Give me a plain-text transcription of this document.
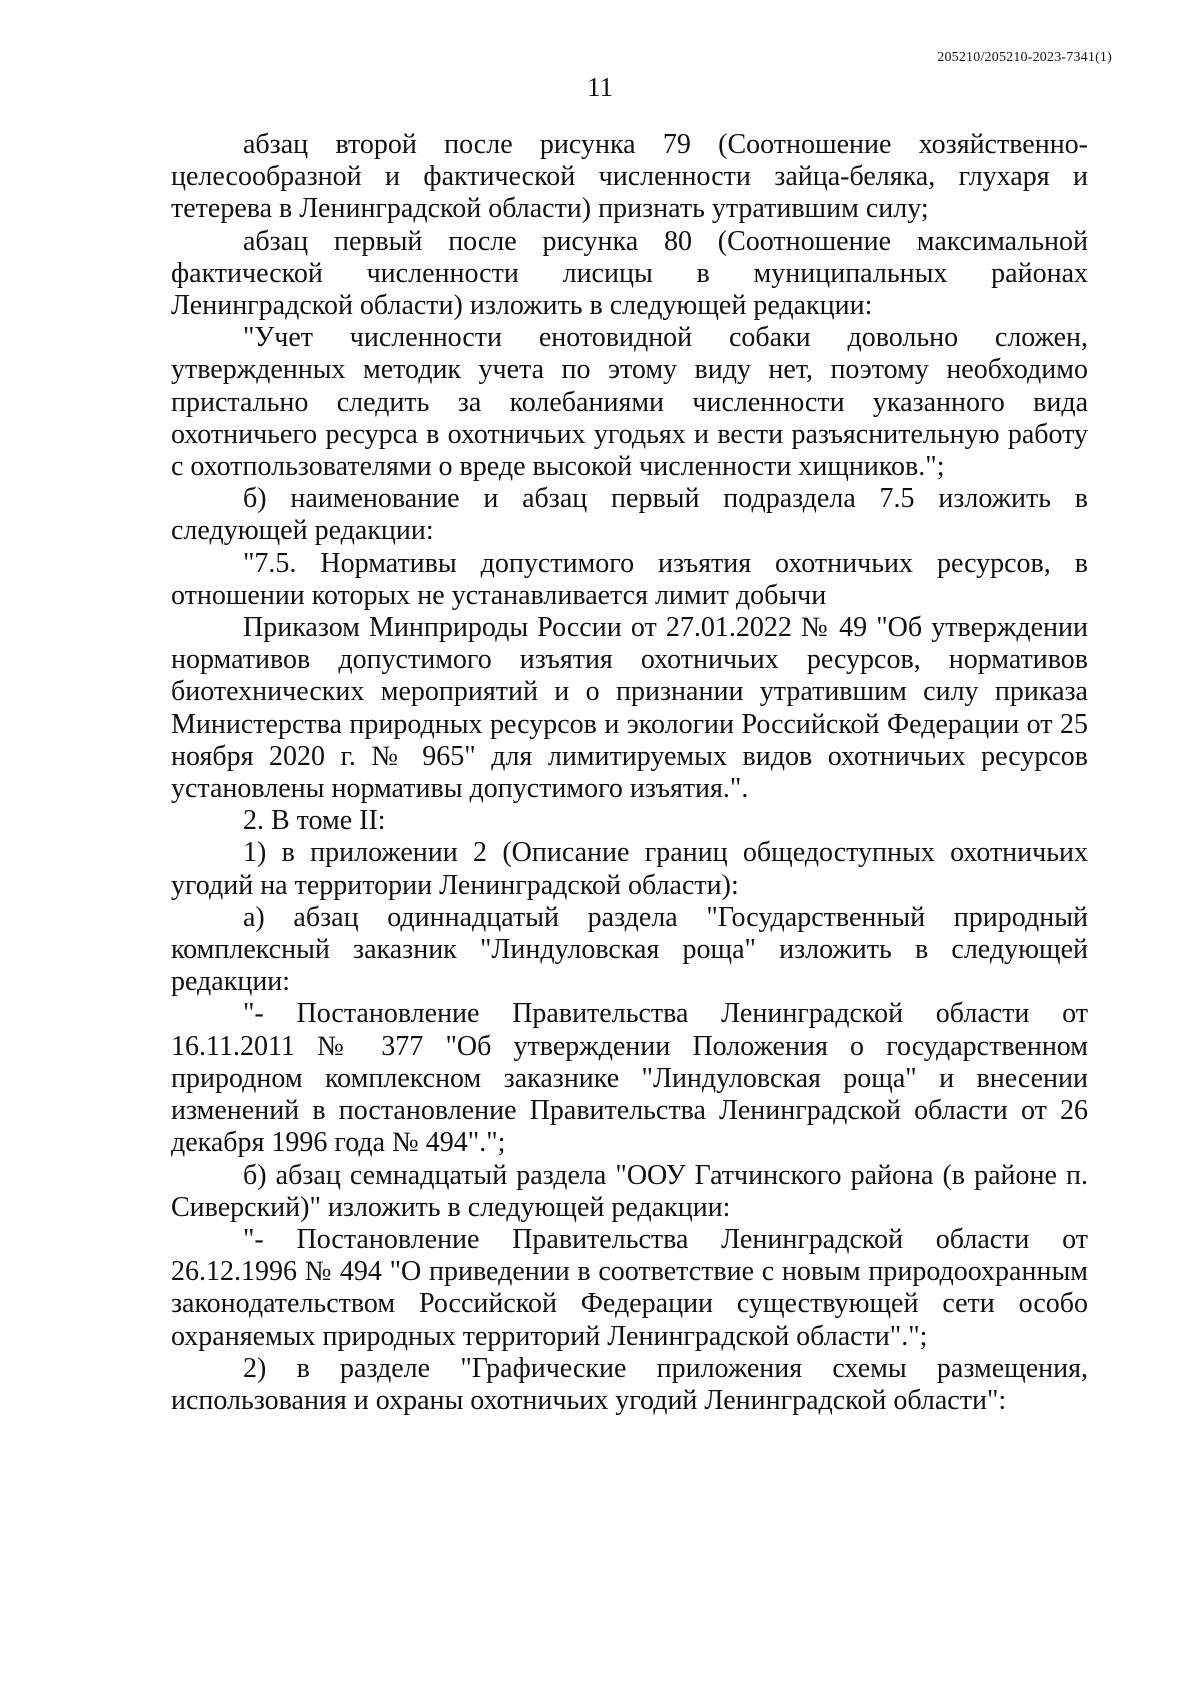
205210/205210-2023-7341(1)
11

абзац второй после рисунка 79 (Соотношение хозяйственно-целесообразной и фактической численности зайца-беляка, глухаря и тетерева в Ленинградской области) признать утратившим силу;

абзац первый после рисунка 80 (Соотношение максимальной фактической численности лисицы в муниципальных районах Ленинградской области) изложить в следующей редакции:

"Учет численности енотовидной собаки довольно сложен, утвержденных методик учета по этому виду нет, поэтому необходимо пристально следить за колебаниями численности указанного вида охотничьего ресурса в охотничьих угодьях и вести разъяснительную работу с охотпользователями о вреде высокой численности хищников.";

б) наименование и абзац первый подраздела 7.5 изложить в следующей редакции:

"7.5. Нормативы допустимого изъятия охотничьих ресурсов, в отношении которых не устанавливается лимит добычи

Приказом Минприроды России от 27.01.2022 № 49 "Об утверждении нормативов допустимого изъятия охотничьих ресурсов, нормативов биотехнических мероприятий и о признании утратившим силу приказа Министерства природных ресурсов и экологии Российской Федерации от 25 ноября 2020 г. № 965" для лимитируемых видов охотничьих ресурсов установлены нормативы допустимого изъятия.".

2. В томе II:

1) в приложении 2 (Описание границ общедоступных охотничьих угодий на территории Ленинградской области):

а) абзац одиннадцатый раздела "Государственный природный комплексный заказник "Линдуловская роща" изложить в следующей редакции:

"- Постановление Правительства Ленинградской области от 16.11.2011 № 377 "Об утверждении Положения о государственном природном комплексном заказнике "Линдуловская роща" и внесении изменений в постановление Правительства Ленинградской области от 26 декабря 1996 года № 494".";

б) абзац семнадцатый раздела "ООУ Гатчинского района (в районе п. Сиверский)" изложить в следующей редакции:

"- Постановление Правительства Ленинградской области от 26.12.1996 № 494 "О приведении в соответствие с новым природоохранным законодательством Российской Федерации существующей сети особо охраняемых природных территорий Ленинградской области".";

2) в разделе "Графические приложения схемы размещения, использования и охраны охотничьих угодий Ленинградской области":
